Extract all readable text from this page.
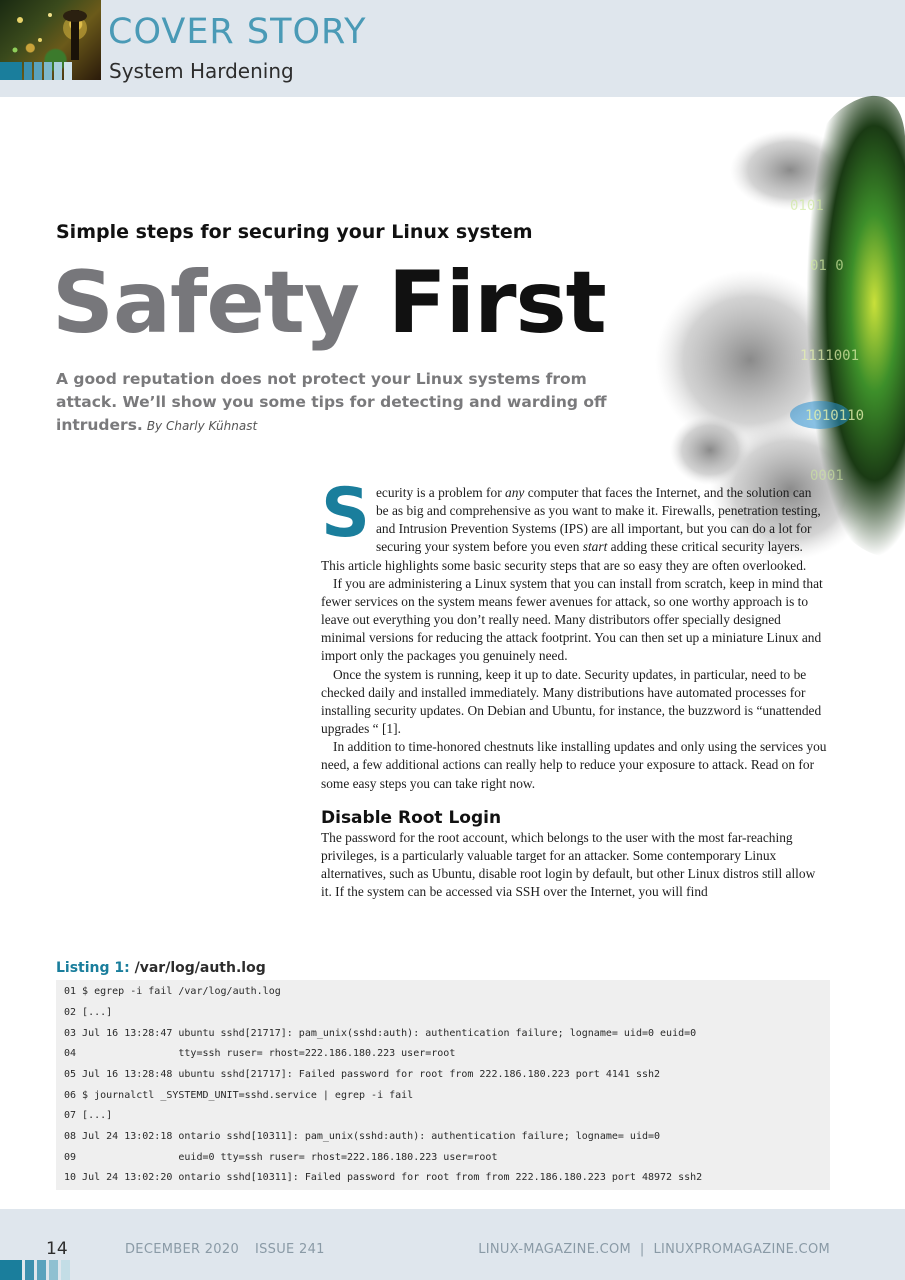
COVER STORY
System Hardening
0101
01 0
1111001
1010110
0001
Simple steps for securing your Linux system
Safety First
A good reputation does not protect your Linux systems from attack. We’ll show you some tips for detecting and warding off intruders. By Charly Kühnast

Security is a problem for any computer that faces the Internet, and the solution can be as big and comprehensive as you want to make it. Firewalls, penetration testing, and Intrusion Prevention Systems (IPS) are all important, but you can do a lot for securing your system before you even start adding these critical security layers. This article highlights some basic security steps that are so easy they are often overlooked.

If you are administering a Linux system that you can install from scratch, keep in mind that fewer services on the system means fewer avenues for attack, so one worthy approach is to leave out everything you don’t really need. Many distributors offer specially designed minimal versions for reducing the attack footprint. You can then set up a miniature Linux and import only the packages you genuinely need.

Once the system is running, keep it up to date. Security updates, in particular, need to be checked daily and installed immediately. Many distributions have automated processes for installing security updates. On Debian and Ubuntu, for instance, the buzzword is “unattended upgrades “ [1].

In addition to time-honored chestnuts like installing updates and only using the services you need, a few additional actions can really help to reduce your exposure to attack. Read on for some easy steps you can take right now.

Disable Root Login

The password for the root account, which belongs to the user with the most far-reaching privileges, is a particularly valuable target for an attacker. Some contemporary Linux alternatives, such as Ubuntu, disable root login by default, but other Linux distros still allow it. If the system can be accessed via SSH over the Internet, you will find

Listing 1: /var/log/auth.log
01 $ egrep -i fail /var/log/auth.log
02 [...]
03 Jul 16 13:28:47 ubuntu sshd[21717]: pam_unix(sshd:auth): authentication failure; logname= uid=0 euid=0
04                 tty=ssh ruser= rhost=222.186.180.223 user=root
05 Jul 16 13:28:48 ubuntu sshd[21717]: Failed password for root from 222.186.180.223 port 4141 ssh2
06 $ journalctl _SYSTEMD_UNIT=sshd.service | egrep -i fail
07 [...]
08 Jul 24 13:02:18 ontario sshd[10311]: pam_unix(sshd:auth): authentication failure; logname= uid=0
09                 euid=0 tty=ssh ruser= rhost=222.186.180.223 user=root
10 Jul 24 13:02:20 ontario sshd[10311]: Failed password for root from from 222.186.180.223 port 48972 ssh2
14	DECEMBER 2020 ISSUE 241	LINUX-MAGAZINE.COM  |  LINUXPROMAGAZINE.COM
